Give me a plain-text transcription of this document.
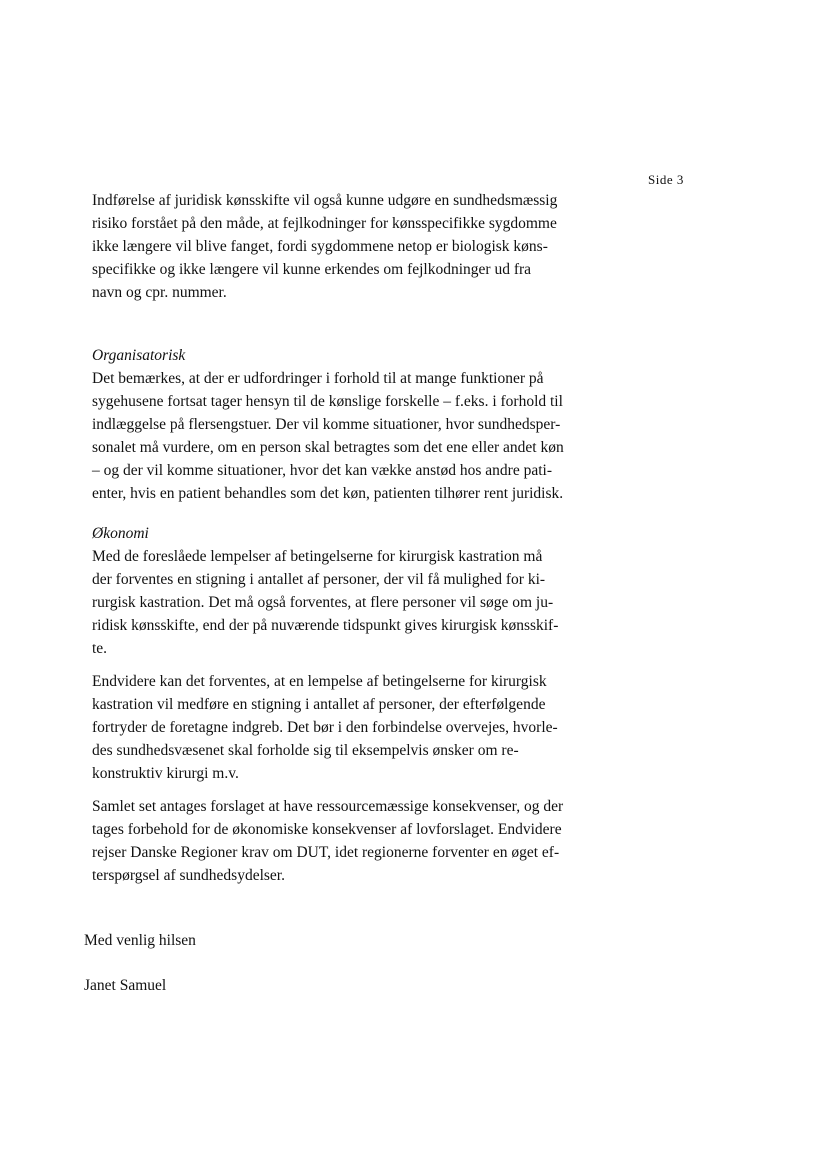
Side 3

Indførelse af juridisk kønsskifte vil også kunne udgøre en sundhedsmæssig
risiko forstået på den måde, at fejlkodninger for kønsspecifikke sygdomme
ikke længere vil blive fanget, fordi sygdommene netop er biologisk køns-
specifikke og ikke længere vil kunne erkendes om fejlkodninger ud fra
navn og cpr. nummer.

Organisatorisk

Det bemærkes, at der er udfordringer i forhold til at mange funktioner på
sygehusene fortsat tager hensyn til de kønslige forskelle – f.eks. i forhold til
indlæggelse på flersengstuer. Der vil komme situationer, hvor sundhedsper-
sonalet må vurdere, om en person skal betragtes som det ene eller andet køn
– og der vil komme situationer, hvor det kan vække anstød hos andre pati-
enter, hvis en patient behandles som det køn, patienten tilhører rent juridisk.

Økonomi

Med de foreslåede lempelser af betingelserne for kirurgisk kastration må
der forventes en stigning i antallet af personer, der vil få mulighed for ki-
rurgisk kastration. Det må også forventes, at flere personer vil søge om ju-
ridisk kønsskifte, end der på nuværende tidspunkt gives kirurgisk kønsskif-
te.

Endvidere kan det forventes, at en lempelse af betingelserne for kirurgisk
kastration vil medføre en stigning i antallet af personer, der efterfølgende
fortryder de foretagne indgreb. Det bør i den forbindelse overvejes, hvorle-
des sundhedsvæsenet skal forholde sig til eksempelvis ønsker om re-
konstruktiv kirurgi m.v.

Samlet set antages forslaget at have ressourcemæssige konsekvenser, og der
tages forbehold for de økonomiske konsekvenser af lovforslaget. Endvidere
rejser Danske Regioner krav om DUT, idet regionerne forventer en øget ef-
terspørgsel af sundhedsydelser.

Med venlig hilsen

Janet Samuel
